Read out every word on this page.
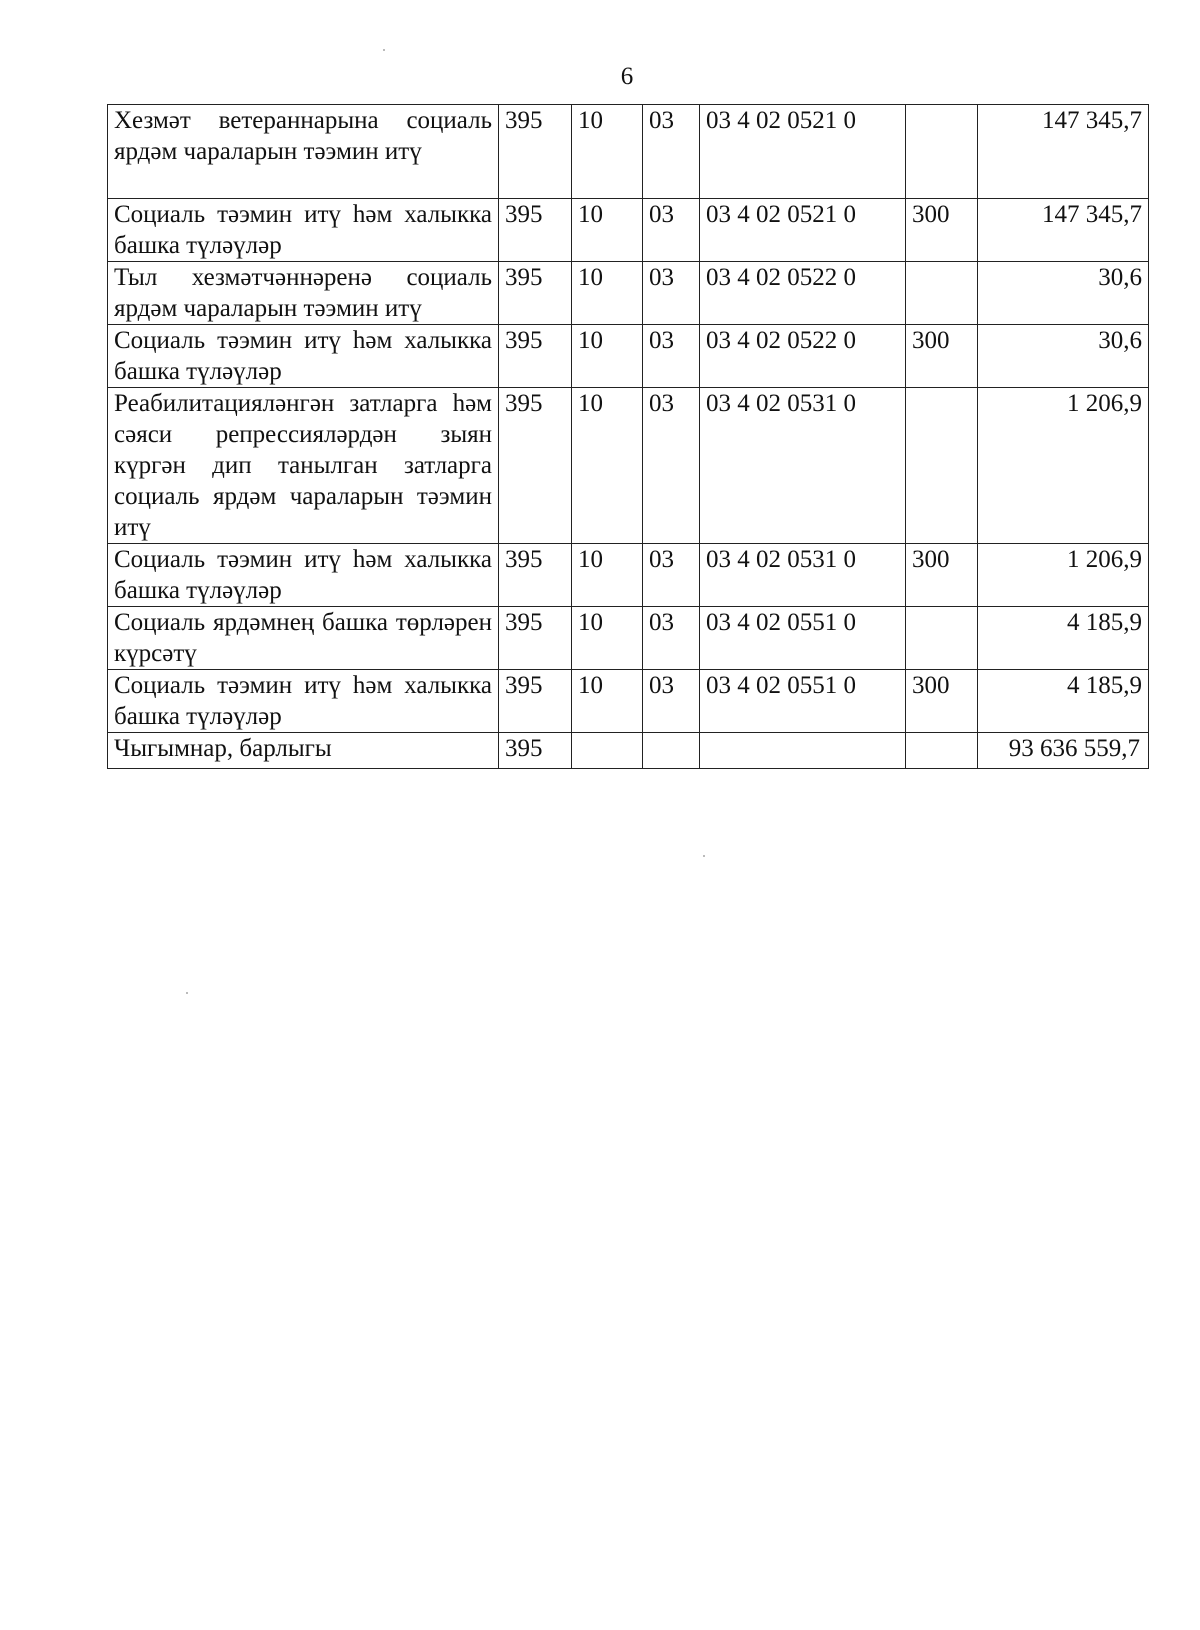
6
Хезмәт ветераннарына социаль ярдәм чараларын тәэмин итү	395	10	03	03 4 02 0521 0		147 345,7
Социаль тәэмин итү һәм халыкка башка түләүләр	395	10	03	03 4 02 0521 0	300	147 345,7
Тыл хезмәтчәннәренә социаль ярдәм чараларын тәэмин итү	395	10	03	03 4 02 0522 0		30,6
Социаль тәэмин итү һәм халыкка башка түләүләр	395	10	03	03 4 02 0522 0	300	30,6
Реабилитацияләнгән затларга һәм сәяси репрессияләрдән зыян күргән дип танылган затларга социаль ярдәм чараларын тәэмин итү	395	10	03	03 4 02 0531 0		1 206,9
Социаль тәэмин итү һәм халыкка башка түләүләр	395	10	03	03 4 02 0531 0	300	1 206,9
Социаль ярдәмнең башка төрләрен күрсәтү	395	10	03	03 4 02 0551 0		4 185,9
Социаль тәэмин итү һәм халыкка башка түләүләр	395	10	03	03 4 02 0551 0	300	4 185,9
Чыгымнар, барлыгы	395					93 636 559,7
